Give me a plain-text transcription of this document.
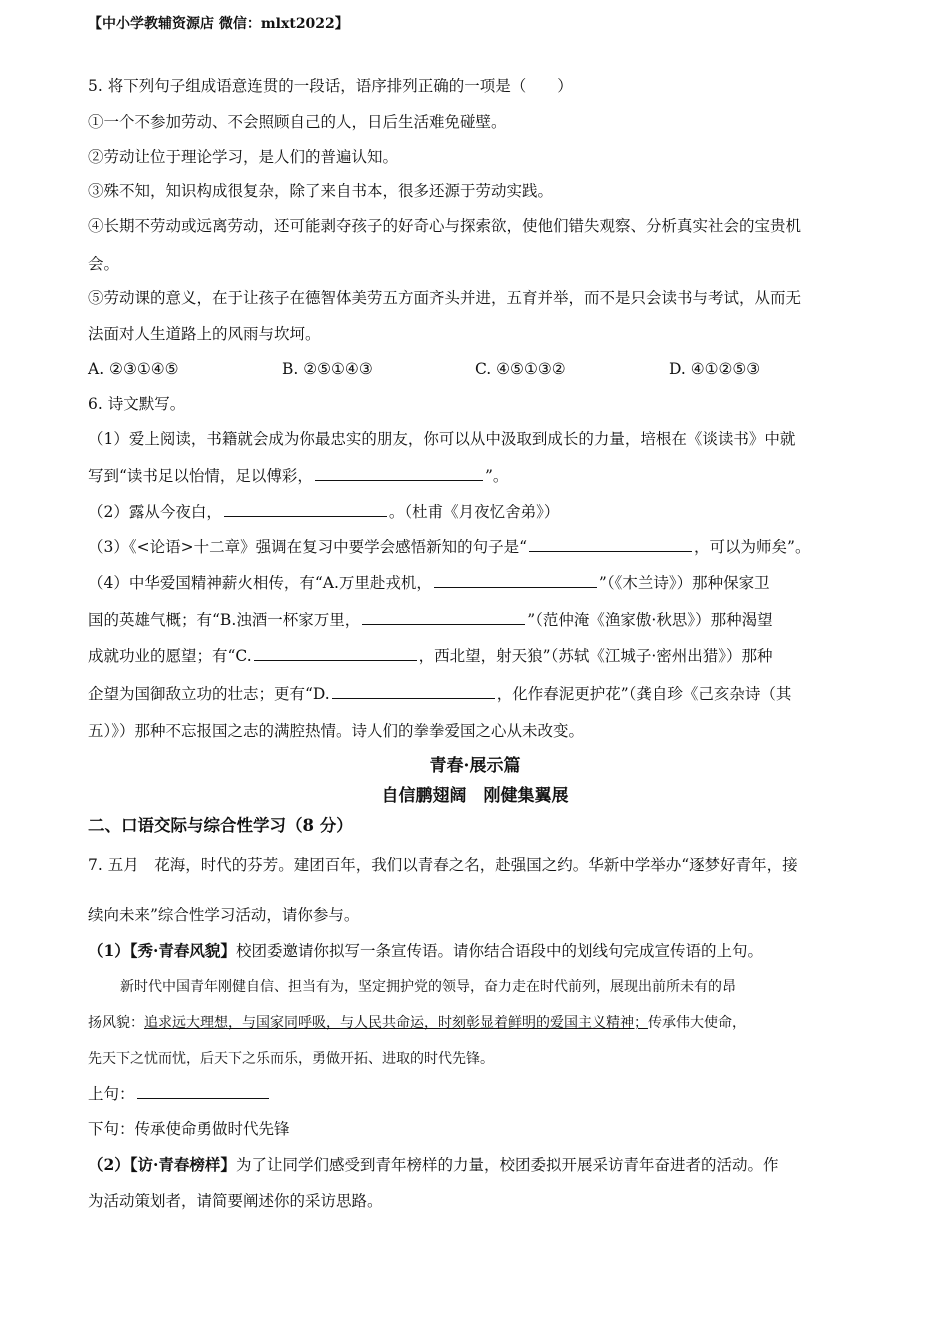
【中小学教辅资源店 微信：mlxt2022】
5. 将下列句子组成语意连贯的一段话，语序排列正确的一项是（　　）
①一个不参加劳动、不会照顾自己的人，日后生活难免碰壁。
②劳动让位于理论学习，是人们的普遍认知。
③殊不知，知识构成很复杂，除了来自书本，很多还源于劳动实践。
④长期不劳动或远离劳动，还可能剥夺孩子的好奇心与探索欲，使他们错失观察、分析真实社会的宝贵机
会。
⑤劳动课的意义，在于让孩子在德智体美劳五方面齐头并进，五育并举，而不是只会读书与考试，从而无
法面对人生道路上的风雨与坎坷。
A. ②③①④⑤	B. ②⑤①④③	C. ④⑤①③②	D. ④①②⑤③
6. 诗文默写。
（1）爱上阅读，书籍就会成为你最忠实的朋友，你可以从中汲取到成长的力量，培根在《谈读书》中就
写到“读书足以怡情，足以傅彩，	”。
（2）露从今夜白，	。（杜甫《月夜忆舍弟》）
（3）《<论语>十二章》强调在复习中要学会感悟新知的句子是“	，可以为师矣”。
（4）中华爱国精神薪火相传，有“A.万里赴戎机，	”（《木兰诗》）那种保家卫
国的英雄气概；有“B.浊酒一杯家万里，	”（范仲淹《渔家傲·秋思》）那种渴望
成就功业的愿望；有“C.	，西北望，射天狼”（苏轼《江城子·密州出猎》）那种
企望为国御敌立功的壮志；更有“D.	，化作春泥更护花”（龚自珍《己亥杂诗（其
五）》）那种不忘报国之志的满腔热情。诗人们的拳拳爱国之心从未改变。
青春·展示篇
自信鹏翅阔　刚健集翼展
二、口语交际与综合性学习（8 分）
7. 五月　花海，时代的芬芳。建团百年，我们以青春之名，赴强国之约。华新中学举办“逐梦好青年，接
续向未来”综合性学习活动，请你参与。
（1）【秀·青春风貌】校团委邀请你拟写一条宣传语。请你结合语段中的划线句完成宣传语的上句。
新时代中国青年刚健自信、担当有为，坚定拥护党的领导，奋力走在时代前列，展现出前所未有的昂
扬风貌：追求远大理想，与国家同呼吸，与人民共命运，时刻彰显着鲜明的爱国主义精神；传承伟大使命，
先天下之忧而忧，后天下之乐而乐，勇做开拓、进取的时代先锋。
上句：
下句：传承使命勇做时代先锋
（2）【访·青春榜样】为了让同学们感受到青年榜样的力量，校团委拟开展采访青年奋进者的活动。作
为活动策划者，请简要阐述你的采访思路。
